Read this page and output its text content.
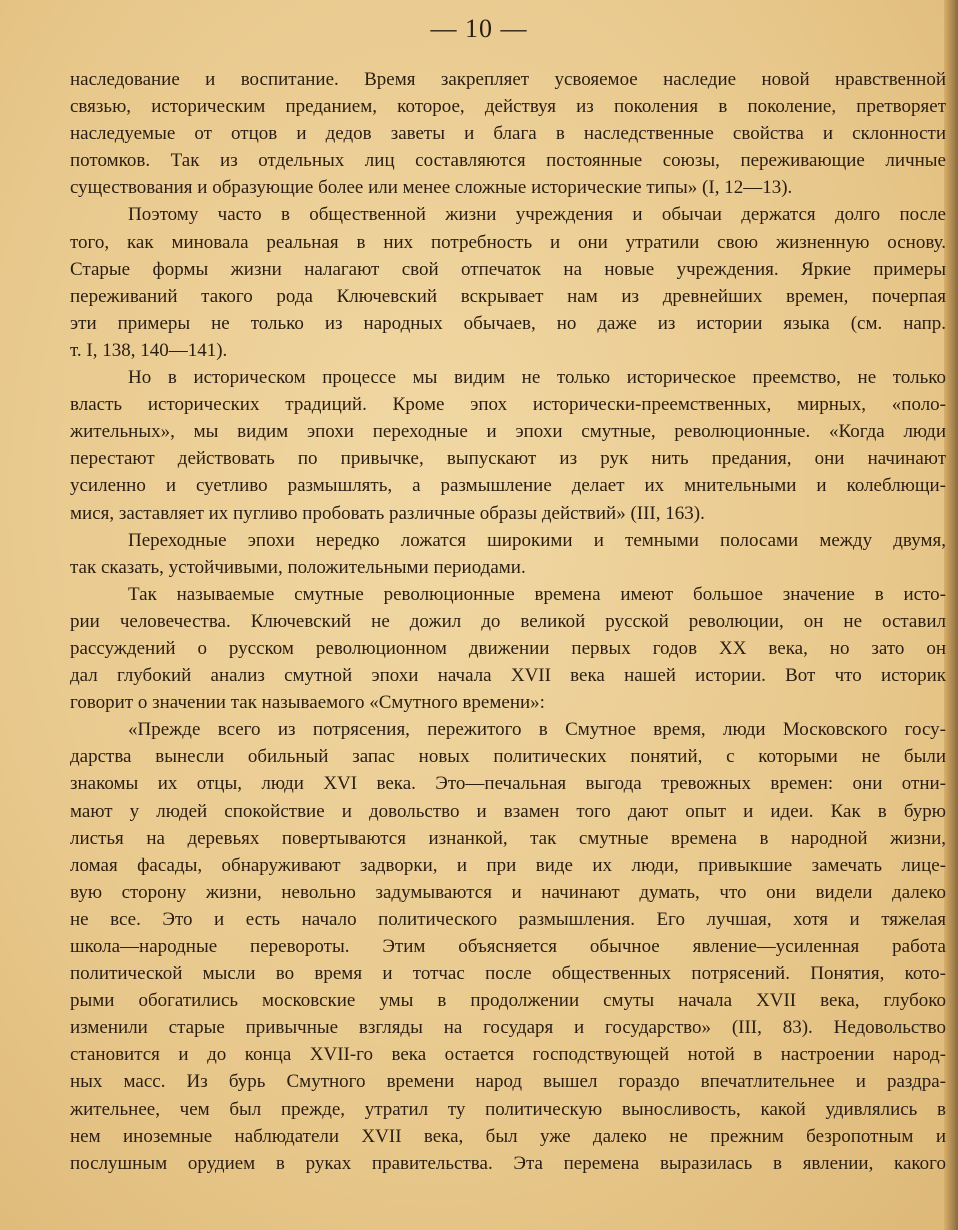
— 10 —
наследование и воспитание. Время закрепляет усвояемое наследие новой нравственной
связью, историческим преданием, которое, действуя из поколения в поколение, претворяет
наследуемые от отцов и дедов заветы и блага в наследственные свойства и склонности
потомков. Так из отдельных лиц составляются постоянные союзы, переживающие личные
существования и образующие более или менее сложные исторические типы» (I, 12—13).
Поэтому часто в общественной жизни учреждения и обычаи держатся долго после
того, как миновала реальная в них потребность и они утратили свою жизненную основу.
Старые формы жизни налагают свой отпечаток на новые учреждения. Яркие примеры
переживаний такого рода Ключевский вскрывает нам из древнейших времен, почерпая
эти примеры не только из народных обычаев, но даже из истории языка (см. напр.
т. I, 138, 140—141).
Но в историческом процессе мы видим не только историческое преемство, не только
власть исторических традиций. Кроме эпох исторически-преемственных, мирных, «поло-
жительных», мы видим эпохи переходные и эпохи смутные, революционные. «Когда люди
перестают действовать по привычке, выпускают из рук нить предания, они начинают
усиленно и суетливо размышлять, а размышление делает их мнительными и колеблющи-
мися, заставляет их пугливо пробовать различные образы действий» (III, 163).
Переходные эпохи нередко ложатся широкими и темными полосами между двумя,
так сказать, устойчивыми, положительными периодами.
Так называемые смутные революционные времена имеют большое значение в исто-
рии человечества. Ключевский не дожил до великой русской революции, он не оставил
рассуждений о русском революционном движении первых годов XX века, но зато он
дал глубокий анализ смутной эпохи начала XVII века нашей истории. Вот что историк
говорит о значении так называемого «Смутного времени»:
«Прежде всего из потрясения, пережитого в Смутное время, люди Московского госу-
дарства вынесли обильный запас новых политических понятий, с которыми не были
знакомы их отцы, люди XVI века. Это—печальная выгода тревожных времен: они отни-
мают у людей спокойствие и довольство и взамен того дают опыт и идеи. Как в бурю
листья на деревьях повертываются изнанкой, так смутные времена в народной жизни,
ломая фасады, обнаруживают задворки, и при виде их люди, привыкшие замечать лице-
вую сторону жизни, невольно задумываются и начинают думать, что они видели далеко
не все. Это и есть начало политического размышления. Его лучшая, хотя и тяжелая
школа—народные перевороты. Этим объясняется обычное явление—усиленная работа
политической мысли во время и тотчас после общественных потрясений. Понятия, кото-
рыми обогатились московские умы в продолжении смуты начала XVII века, глубоко
изменили старые привычные взгляды на государя и государство» (III, 83). Недовольство
становится и до конца XVII-го века остается господствующей нотой в настроении народ-
ных масс. Из бурь Смутного времени народ вышел гораздо впечатлительнее и раздра-
жительнее, чем был прежде, утратил ту политическую выносливость, какой удивлялись в
нем иноземные наблюдатели XVII века, был уже далеко не прежним безропотным и
послушным орудием в руках правительства. Эта перемена выразилась в явлении, какого
